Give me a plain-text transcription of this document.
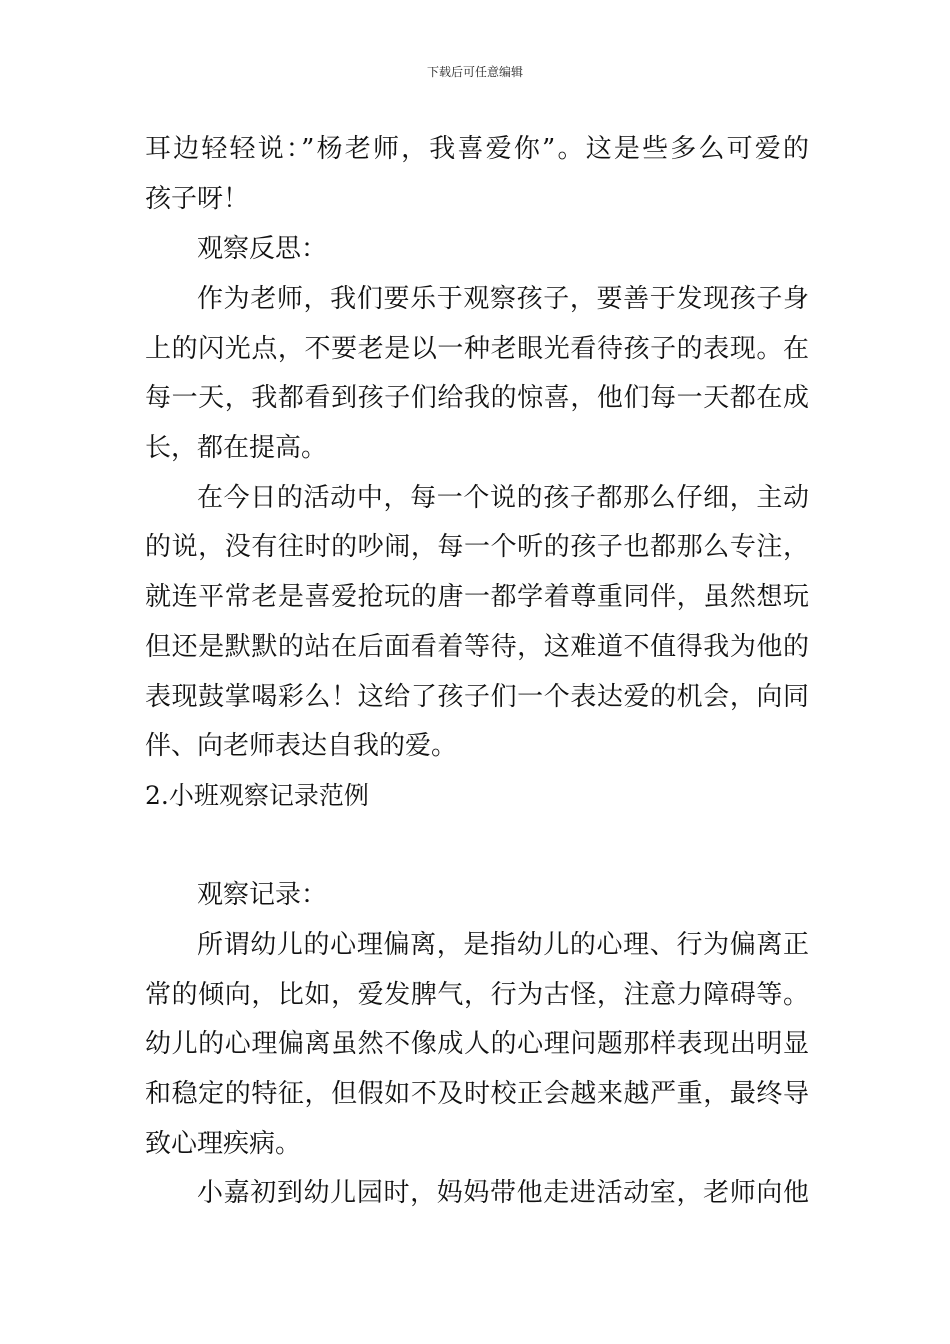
下载后可任意编辑
耳边轻轻说：”杨老师，我喜爱你”。这是些多么可爱的
孩子呀！
观察反思：
作为老师，我们要乐于观察孩子，要善于发现孩子身
上的闪光点，不要老是以一种老眼光看待孩子的表现。在
每一天，我都看到孩子们给我的惊喜，他们每一天都在成
长，都在提高。
在今日的活动中，每一个说的孩子都那么仔细，主动
的说，没有往时的吵闹，每一个听的孩子也都那么专注，
就连平常老是喜爱抢玩的唐一都学着尊重同伴，虽然想玩
但还是默默的站在后面看着等待，这难道不值得我为他的
表现鼓掌喝彩么！这给了孩子们一个表达爱的机会，向同
伴、向老师表达自我的爱。
2.小班观察记录范例
观察记录：
所谓幼儿的心理偏离，是指幼儿的心理、行为偏离正
常的倾向，比如，爱发脾气，行为古怪，注意力障碍等。
幼儿的心理偏离虽然不像成人的心理问题那样表现出明显
和稳定的特征，但假如不及时校正会越来越严重，最终导
致心理疾病。
小嘉初到幼儿园时，妈妈带他走进活动室，老师向他
